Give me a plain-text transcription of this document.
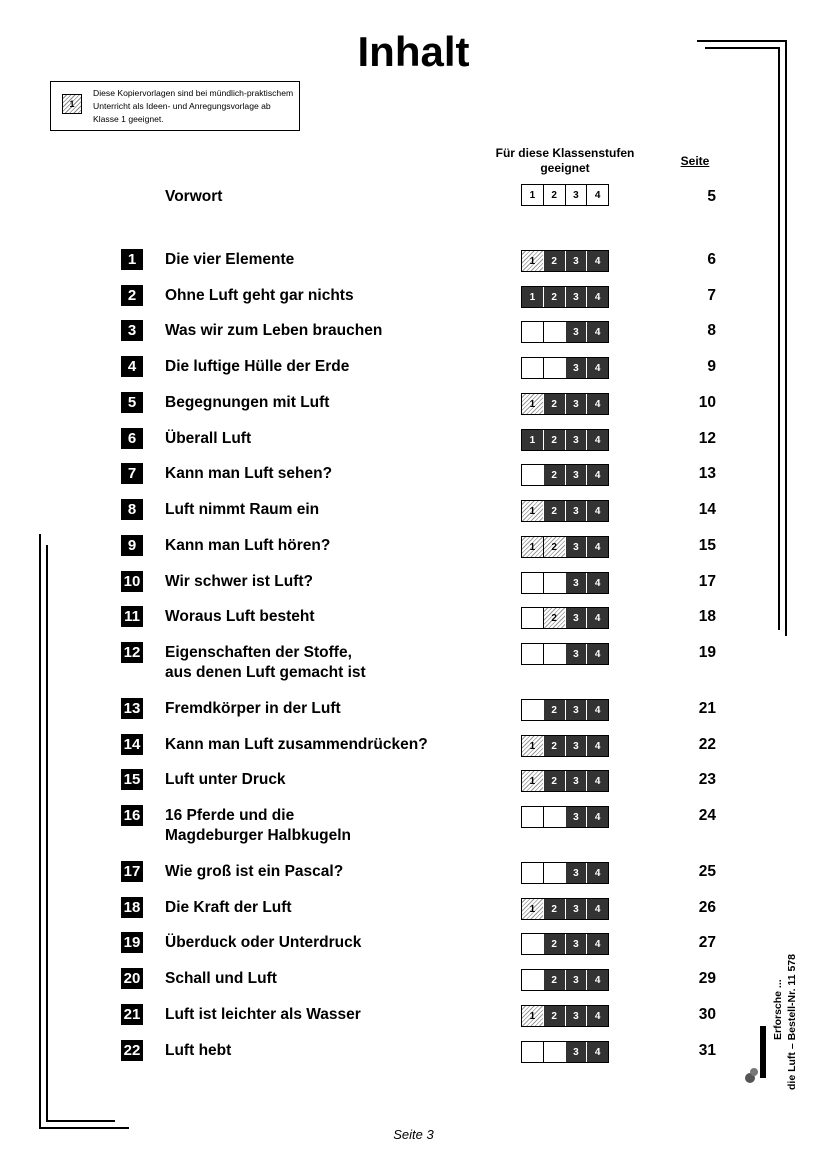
Inhalt
1
Diese Kopiervorlagen sind bei mündlich-praktischem Unterricht als Ideen- und Anregungsvorlage ab Klasse 1 geeignet.
Für diese Klassenstufen geeignet	Seite
Vorwort	1	2	3	4	5
1	Die vier Elemente	1	2	3	4	6
2	Ohne Luft geht gar nichts	1	2	3	4	7
3	Was wir zum Leben brauchen	3	4	8
4	Die luftige Hülle der Erde	3	4	9
5	Begegnungen mit Luft	1	2	3	4	10
6	Überall Luft	1	2	3	4	12
7	Kann man Luft sehen?	2	3	4	13
8	Luft nimmt Raum ein	1	2	3	4	14
9	Kann man Luft hören?	1	2	3	4	15
10 Wir schwer ist Luft?	3	4	17
11 Woraus Luft besteht	2	3	4	18
12 Eigenschaften der Stoffe,
aus denen Luft gemacht ist
3	4	19
13 Fremdkörper in der Luft	2	3	4	21
14 Kann man Luft zusammendrücken?	1	2	3	4	22
15 Luft unter Druck	1	2	3	4	23
16 16 Pferde und die
Magdeburger Halbkugeln
3	4	24
17 Wie groß ist ein Pascal?	3	4	25
18 Die Kraft der Luft	1	2	3	4	26
19 Überduck oder Unterdruck	2	3	4	27
20 Schall und Luft	2	3	4	29
21 Luft ist leichter als Wasser	1	2	3	4	30
22 Luft hebt	3	4	31
Seite 3
Erforsche ... die Luft – Bestell-Nr. 11 578
